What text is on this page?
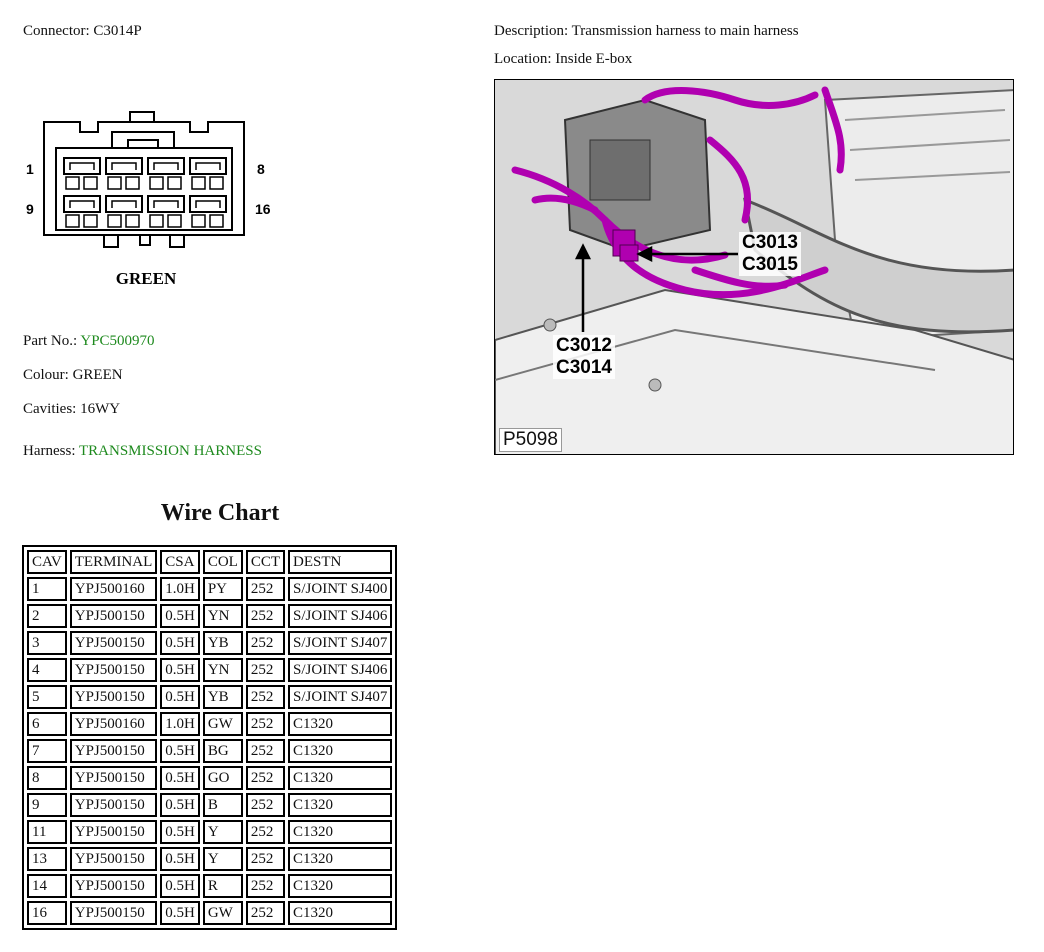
Connector: C3014P
1	8
9	16
GREEN
Part No.: YPC500970
Colour: GREEN
Cavities: 16WY
Harness: TRANSMISSION HARNESS
Description: Transmission harness to main harness
Location: Inside E-box
C3013
C3015
C3012
C3014
P5098
Wire Chart
CAV	TERMINAL	CSA	COL	CCT	DESTN
1	YPJ500160	1.0H	PY	252	S/JOINT SJ400
2	YPJ500150	0.5H	YN	252	S/JOINT SJ406
3	YPJ500150	0.5H	YB	252	S/JOINT SJ407
4	YPJ500150	0.5H	YN	252	S/JOINT SJ406
5	YPJ500150	0.5H	YB	252	S/JOINT SJ407
6	YPJ500160	1.0H	GW	252	C1320
7	YPJ500150	0.5H	BG	252	C1320
8	YPJ500150	0.5H	GO	252	C1320
9	YPJ500150	0.5H	B	252	C1320
11	YPJ500150	0.5H	Y	252	C1320
13	YPJ500150	0.5H	Y	252	C1320
14	YPJ500150	0.5H	R	252	C1320
16	YPJ500150	0.5H	GW	252	C1320
